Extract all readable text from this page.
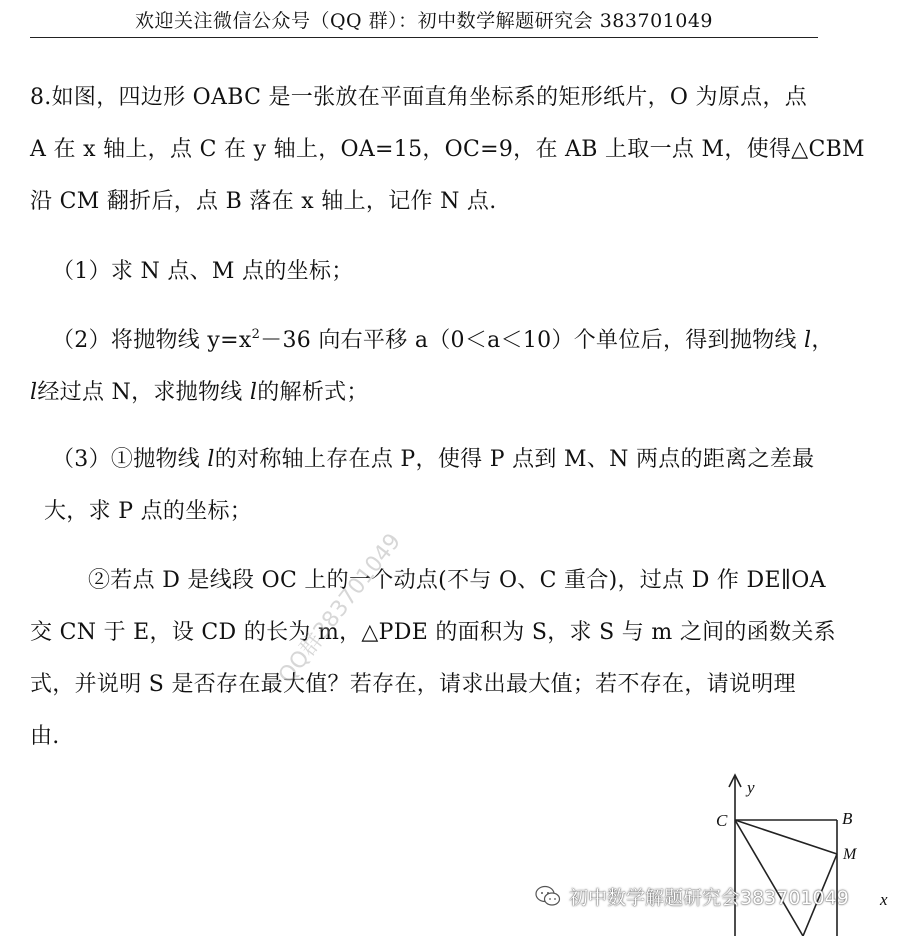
欢迎关注微信公众号（QQ 群）：初中数学解题研究会 383701049
8.如图，四边形 OABC 是一张放在平面直角坐标系的矩形纸片，O 为原点，点
A 在 x 轴上，点 C 在 y 轴上，OA=15，OC=9，在 AB 上取一点 M，使得△CBM
沿 CM 翻折后，点 B 落在 x 轴上，记作 N 点.
（1）求 N 点、M 点的坐标；
（2）将抛物线 $y=x^2-36$ 向右平移 a（0＜a＜10）个单位后，得到抛物线 l，
l经过点 N，求抛物线 l的解析式；
（3）①抛物线 l的对称轴上存在点 P，使得 P 点到 M、N 两点的距离之差最
大，求 P 点的坐标；
②若点 D 是线段 OC 上的一个动点(不与 O、C 重合)，过点 D 作 DE∥OA
交 CN 于 E，设 CD 的长为 m，△PDE 的面积为 S，求 S 与 m 之间的函数关系
式，并说明 S 是否存在最大值？若存在，请求出最大值；若不存在，请说明理
由.
QQ群383701049
y
C	B
M
x
初中数学解题研究会383701049
